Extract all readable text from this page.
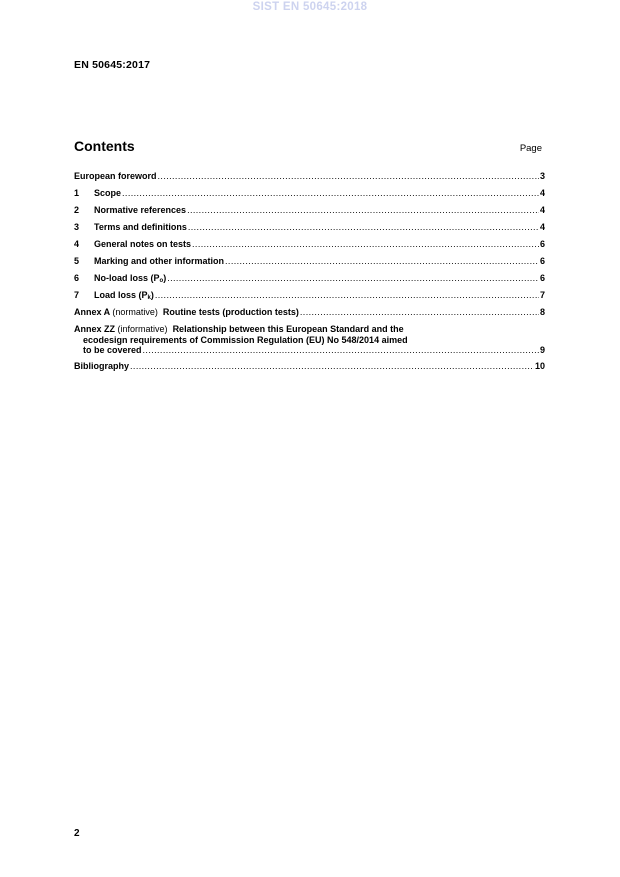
SIST EN 50645:2018
EN 50645:2017
Contents	Page
European foreword .....	3
1	Scope .....	4
2	Normative references .....	4
3	Terms and definitions .....	4
4	General notes on tests .....	6
5	Marking and other information .....	6
6	No-load loss $(P_o)$ .....	6
7	Load loss $(P_k)$ .....	7
Annex A (normative) Routine tests (production tests) .....	8
Annex ZZ (informative) Relationship between this European Standard and the
ecodesign requirements of Commission Regulation (EU) No 548/2014 aimed
to be covered .....	9
Bibliography .....	10
2
